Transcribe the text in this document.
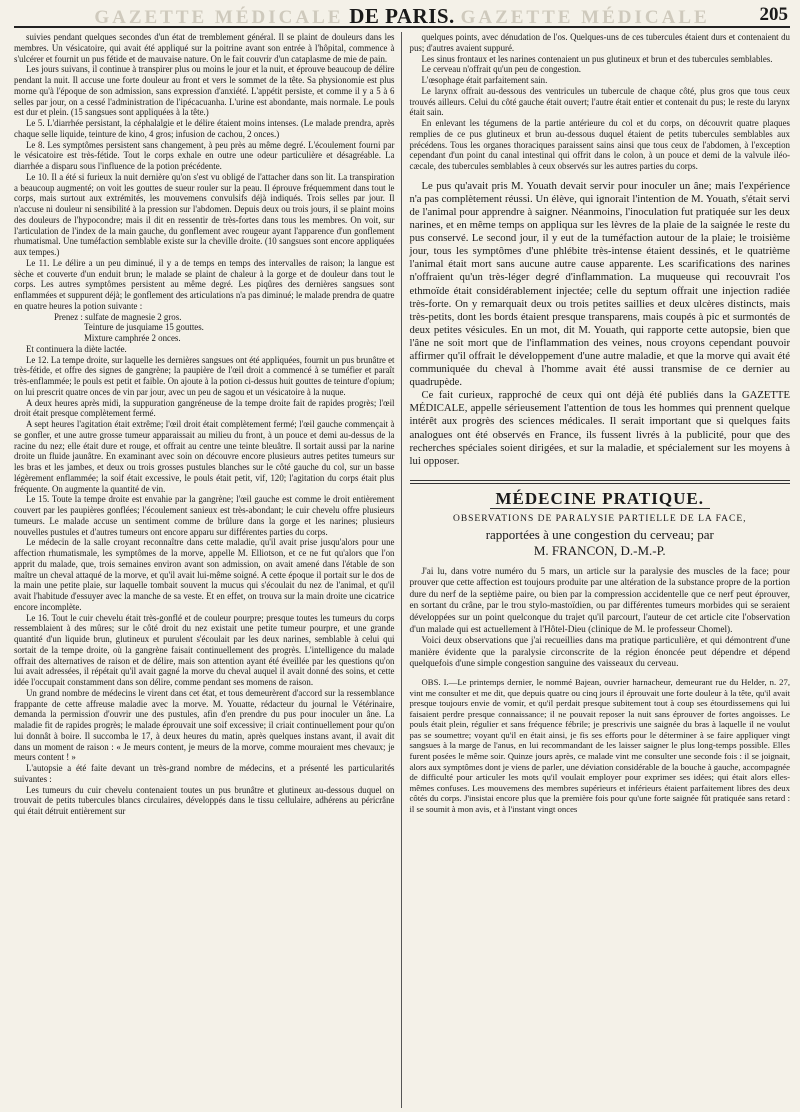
GAZETTE MÉDICALE DE PARIS. GAZETTE MÉDICALE	205

suivies pendant quelques secondes d'un état de tremblement général. Il se plaint de douleurs dans les membres. Un vésicatoire, qui avait été appliqué sur la poitrine avant son entrée à l'hôpital, commence à s'ulcérer et fournit un pus fétide et de mauvaise nature. On le fait couvrir d'un cataplasme de mie de pain.

Les jours suivans, il continue à transpirer plus ou moins le jour et la nuit, et éprouve beaucoup de délire pendant la nuit. Il accuse une forte douleur au front et vers le sommet de la tête. Sa physionomie est plus morne qu'à l'époque de son admission, sans expression d'anxiété. L'appétit persiste, et comme il y a 5 à 6 selles par jour, on a cessé l'administration de l'ipécacuanha. L'urine est abondante, mais normale. Le pouls est dur et plein. (15 sangsues sont appliquées à la tête.)

Le 5. L'diarrhée persistant, la céphalalgie et le délire étaient moins intenses. (Le malade prendra, après chaque selle liquide, teinture de kino, 4 gros; infusion de cachou, 2 onces.)

Le 8. Les symptômes persistent sans changement, à peu près au même degré. L'écoulement fourni par le vésicatoire est très-fétide. Tout le corps exhale en outre une odeur particulière et désagréable. La diarrhée a disparu sous l'influence de la potion précédente.

Le 10. Il a été si furieux la nuit dernière qu'on s'est vu obligé de l'attacher dans son lit. La transpiration a beaucoup augmenté; on voit les gouttes de sueur rouler sur la peau. Il éprouve fréquemment dans tout le corps, mais surtout aux extrémités, les mouvemens convulsifs déjà indiqués. Trois selles par jour. Il n'accuse ni douleur ni sensibilité à la pression sur l'abdomen. Depuis deux ou trois jours, il se plaint moins des douleurs de l'hypocondre; mais il dit en ressentir de très-fortes dans tous les membres. On voit, sur l'articulation de l'index de la main gauche, du gonflement avec rougeur ayant l'apparence d'un gonflement rhumatismal. Une tuméfaction semblable existe sur la cheville droite. (10 sangsues sont encore appliquées aux tempes.)

Le 11. Le délire a un peu diminué, il y a de temps en temps des intervalles de raison; la langue est sèche et couverte d'un enduit brun; le malade se plaint de chaleur à la gorge et de douleur dans tout le corps. Les autres symptômes persistent au même degré. Les piqûres des dernières sangsues sont enflammées et suppurent déjà; le gonflement des articulations n'a pas diminué; le malade prendra de quatre en quatre heures la potion suivante :

Prenez : sulfate de magnesie 2 gros.

Teinture de jusquiame 15 gouttes.

Mixture camphrée 2 onces.

Et continuera la diète lactée.

Le 12. La tempe droite, sur laquelle les dernières sangsues ont été appliquées, fournit un pus brunâtre et très-fétide, et offre des signes de gangrène; la paupière de l'œil droit a commencé à se tuméfier et paraît très-enflammée; le pouls est petit et faible. On ajoute à la potion ci-dessus huit gouttes de teinture d'opium; on lui prescrit quatre onces de vin par jour, avec un peu de sagou et un vésicatoire à la nuque.

A deux heures après midi, la suppuration gangréneuse de la tempe droite fait de rapides progrès; l'œil droit était presque complètement fermé.

A sept heures l'agitation était extrême; l'œil droit était complètement fermé; l'œil gauche commençait à se gonfler, et une autre grosse tumeur apparaissait au milieu du front, à un pouce et demi au-dessus de la racine du nez; elle était dure et rouge, et offrait au centre une teinte bleuâtre. Il sortait aussi par la narine droite un fluide jaunâtre. En examinant avec soin on découvre encore plusieurs autres petites tumeurs sur les bras et les jambes, et deux ou trois grosses pustules blanches sur le côté gauche du col, sur un basse légèrement enflammée; la soif était excessive, le pouls était petit, vif, 120; l'agitation du corps était plus fréquente. On augmente la quantité de vin.

Le 15. Toute la tempe droite est envahie par la gangrène; l'œil gauche est comme le droit entièrement couvert par les paupières gonflées; l'écoulement sanieux est très-abondant; le cuir chevelu offre plusieurs tumeurs. Le malade accuse un sentiment comme de brûlure dans la gorge et les narines; plusieurs nouvelles pustules et d'autres tumeurs ont encore apparu sur différentes parties du corps.

Le médecin de la salle croyant reconnaître dans cette maladie, qu'il avait prise jusqu'alors pour une affection rhumatismale, les symptômes de la morve, appelle M. Elliotson, et ce ne fut qu'alors que l'on apprit du malade, que, trois semaines environ avant son admission, on avait amené dans l'étable de son maître un cheval attaqué de la morve, et qu'il avait lui-même soigné. A cette époque il portait sur le dos de la main une petite plaie, sur laquelle tombait souvent la mucus qui s'écoulait du nez de l'animal, et qu'il avait l'habitude d'essuyer avec la manche de sa veste. Et en effet, on trouva sur la main droite une cicatrice encore incomplète.

Le 16. Tout le cuir chevelu était très-gonflé et de couleur pourpre; presque toutes les tumeurs du corps ressemblaient à des mûres; sur le côté droit du nez existait une petite tumeur pourpre, et une grande quantité d'un liquide brun, glutineux et purulent s'écoulait par les deux narines, semblable à celui qui sortait de la tempe droite, où la gangrène faisait continuellement des progrès. L'intelligence du malade offrait des alternatives de raison et de délire, mais son attention ayant été éveillée par les questions qu'on lui avait adressées, il répétait qu'il avait gagné la morve du cheval auquel il avait donné des soins, et cette idée l'occupait constamment dans son délire, comme pendant ses momens de raison.

Un grand nombre de médecins le virent dans cet état, et tous demeurèrent d'accord sur la ressemblance frappante de cette affreuse maladie avec la morve. M. Youatte, rédacteur du journal le Vétérinaire, demanda la permission d'ouvrir une des pustules, afin d'en prendre du pus pour inoculer un âne. La maladie fit de rapides progrès; le malade éprouvait une soif excessive; il criait continuellement pour qu'on lui donnât à boire. Il succomba le 17, à deux heures du matin, après quelques instans avant, il avait dit dans un moment de raison : « Je meurs content, je meurs de la morve, comme mouraient mes chevaux; je meurs content ! »

L'autopsie a été faite devant un très-grand nombre de médecins, et a présenté les particularités suivantes :

Les tumeurs du cuir chevelu contenaient toutes un pus brunâtre et glutineux au-dessous duquel on trouvait de petits tubercules blancs circulaires, développés dans le tissu cellulaire, adhérens au péricrâne qui était détruit entièrement sur

quelques points, avec dénudation de l'os. Quelques-uns de ces tubercules étaient durs et contenaient du pus; d'autres avaient suppuré.

Les sinus frontaux et les narines contenaient un pus glutineux et brun et des tubercules semblables.

Le cerveau n'offrait qu'un peu de congestion.

L'œsophage était parfaitement sain.

Le larynx offrait au-dessous des ventricules un tubercule de chaque côté, plus gros que tous ceux trouvés ailleurs. Celui du côté gauche était ouvert; l'autre était entier et contenait du pus; le reste du larynx était sain.

En enlevant les tégumens de la partie antérieure du col et du corps, on découvrit quatre plaques remplies de ce pus glutineux et brun au-dessous duquel étaient de petits tubercules semblables aux précédens. Tous les organes thoraciques paraissent sains ainsi que tous ceux de l'abdomen, à l'exception cependant d'un point du canal intestinal qui offrit dans le colon, à un pouce et demi de la valvule iléo-cæcale, des tubercules semblables à ceux observés sur les autres parties du corps.

Le pus qu'avait pris M. Youath devait servir pour inoculer un âne; mais l'expérience n'a pas complètement réussi. Un élève, qui ignorait l'intention de M. Youath, s'était servi de l'animal pour apprendre à saigner. Néanmoins, l'inoculation fut pratiquée sur les deux narines, et en même temps on appliqua sur les lèvres de la plaie de la saignée le reste du pus conservé. Le second jour, il y eut de la tuméfaction autour de la plaie; le troisième jour, tous les symptômes d'une phlébite très-intense étaient dessinés, et le quatrième l'animal était mort sans aucune autre cause apparente. Les scarifications des narines n'offraient qu'un très-léger degré d'inflammation. La muqueuse qui recouvrait l'os ethmoïde était considérablement injectée; celle du septum offrait une injection radiée très-forte. On y remarquait deux ou trois petites saillies et deux ulcères distincts, mais très-petits, dont les bords étaient presque transparens, mais coupés à pic et surmontés de deux petites vésicules. En un mot, dit M. Youath, qui rapporte cette autopsie, bien que l'âne ne soit mort que de l'inflammation des veines, nous croyons cependant pouvoir affirmer qu'il offrait le développement d'une autre maladie, et que la morve qui avait été communiquée du cheval à l'homme avait été aussi transmise de ce dernier au quadrupède.

Ce fait curieux, rapproché de ceux qui ont déjà été publiés dans la GAZETTE MÉDICALE, appelle sérieusement l'attention de tous les hommes qui prennent quelque intérêt aux progrès des sciences médicales. Il serait important que si quelques faits analogues ont été observés en France, ils fussent livrés à la publicité, pour que des recherches spéciales soient dirigées, et sur la maladie, et spécialement sur les moyens à lui opposer.

MÉDECINE PRATIQUE.
OBSERVATIONS DE PARALYSIE PARTIELLE DE LA FACE,
rapportées à une congestion du cerveau; par
M. FRANCON, D.-M.-P.

J'ai lu, dans votre numéro du 5 mars, un article sur la paralysie des muscles de la face; pour prouver que cette affection est toujours produite par une altération de la substance propre de la portion dure du nerf de la septième paire, ou bien par la compression accidentelle que ce nerf peut éprouver, en sortant du crâne, par le trou stylo-mastoïdien, ou par différentes tumeurs morbides qui se seraient développées sur un point quelconque du trajet qu'il parcourt, l'auteur de cet article cite l'observation d'un malade qui est actuellement à l'Hôtel-Dieu (clinique de M. le professeur Chomel).

Voici deux observations que j'ai recueillies dans ma pratique particulière, et qui démontrent d'une manière évidente que la paralysie circonscrite de la région énoncée peut dépendre et dépend quelquefois d'une simple congestion sanguine des vaisseaux du cerveau.

OBS. I.—Le printemps dernier, le nommé Bajean, ouvrier harnacheur, demeurant rue du Helder, n. 27, vint me consulter et me dit, que depuis quatre ou cinq jours il éprouvait une forte douleur à la tête, qu'il avait presque toujours envie de vomir, et qu'il perdait presque subitement tout à coup ses étourdissemens qui lui faisaient perdre presque connaissance; il ne pouvait reposer la nuit sans éprouver de fortes angoisses. Le pouls était plein, régulier et sans fréquence fébrile; je prescrivis une saignée du bras à laquelle il ne voulut pas se soumettre; voyant qu'il en était ainsi, je fis ses efforts pour le déterminer à se faire appliquer vingt sangsues à la marge de l'anus, en lui recommandant de les laisser saigner le plus long-temps possible. Elles furent posées le même soir. Quinze jours après, ce malade vint me consulter une seconde fois : il se joignait, alors aux symptômes dont je viens de parler, une déviation considérable de la bouche à gauche, accompagnée de difficulté pour articuler les mots qu'il voulait employer pour exprimer ses idées; qui était alors elles-mêmes confuses. Les mouvemens des membres supérieurs et inférieurs étaient parfaitement libres des deux côtés du corps. J'insistai encore plus que la première fois pour qu'une forte saignée fût pratiquée sans retard : il se soumit à mon avis, et à l'instant vingt onces
